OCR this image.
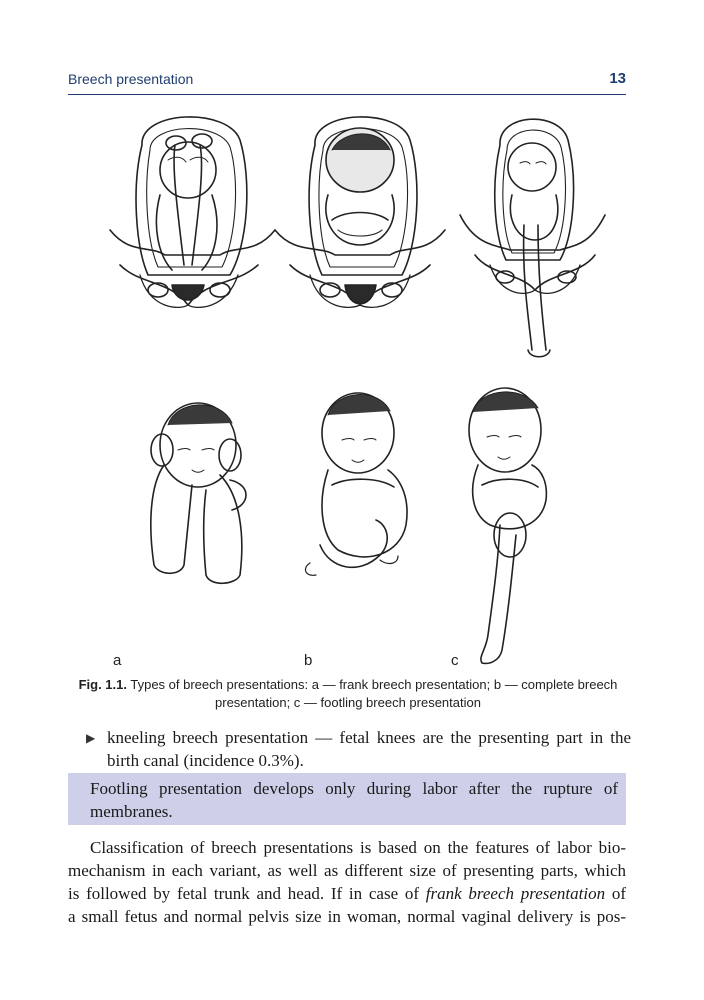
Breech presentation	13
a	b	c
Fig. 1.1. Types of breech presentations: a — frank breech presentation; b — complete breech presentation; c — footling breech presentation
▶ kneeling breech presentation — fetal knees are the presenting part in the birth canal (incidence 0.3%).
Footling presentation develops only during labor after the rupture of membranes.
Classification of breech presentations is based on the features of labor bio-
mechanism in each variant, as well as different size of presenting parts, which
is followed by fetal trunk and head. If in case of frank breech presentation of
a small fetus and normal pelvis size in woman, normal vaginal delivery is pos-
